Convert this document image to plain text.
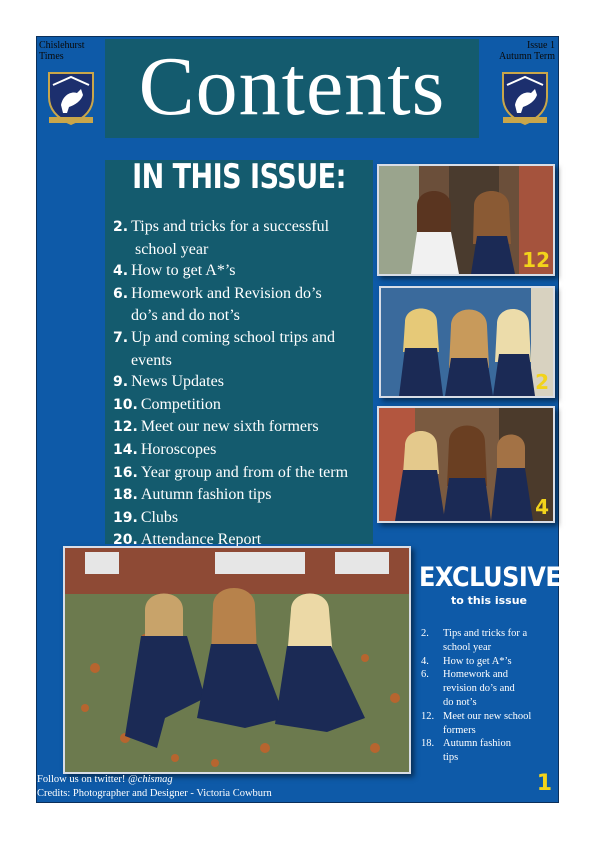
Chislehurst
Times Contents	Issue 1
Autumn Term
IN THIS ISSUE:
2. Tips and tricks for a successful
school year
4. How to get A*’s
6. Homework and Revision do’s
do’s and do not’s
7. Up and coming school trips and
events
9. News Updates
10. Competition
12. Meet our new sixth formers
14. Horoscopes
16. Year group and from of the term
18. Autumn fashion tips
19. Clubs
20. Attendance Report
12
2
4
EXCLUSIVES
to this issue
2. Tips and tricks for a
school year
4. How to get A*’s
6. Homework and
revision do’s and
do not’s
12. Meet our new school
formers
18. Autumn fashion
tips
Follow us on twitter! @chismag
Credits: Photographer and Designer - Victoria Cowburn	1
